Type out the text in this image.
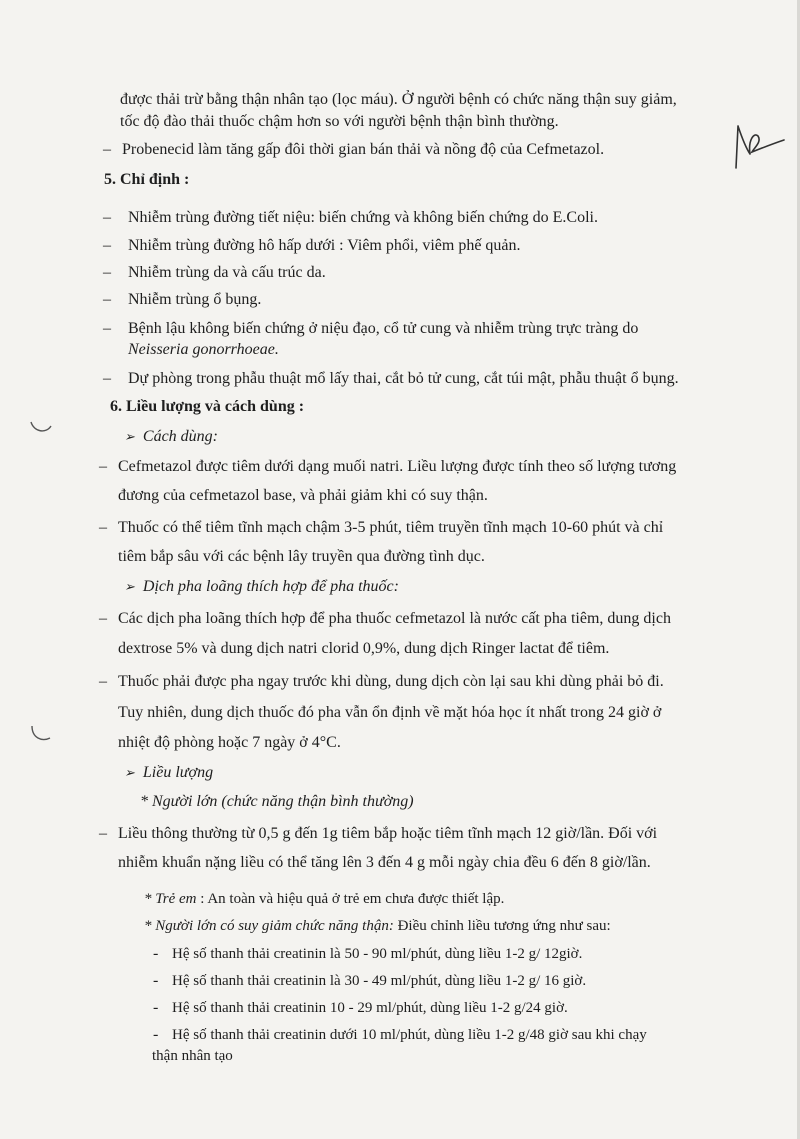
được thải trừ bằng thận nhân tạo (lọc máu). Ở người bệnh có chức năng thận suy giảm,
tốc độ đào thải thuốc chậm hơn so với người bệnh thận bình thường.
– Probenecid làm tăng gấp đôi thời gian bán thải và nồng độ của Cefmetazol.
5. Chỉ định :
– Nhiễm trùng đường tiết niệu: biến chứng và không biến chứng do E.Coli.
– Nhiễm trùng đường hô hấp dưới : Viêm phổi, viêm phế quản.
– Nhiễm trùng da và cấu trúc da.
– Nhiễm trùng ổ bụng.
– Bệnh lậu không biến chứng ở niệu đạo, cổ tử cung và nhiễm trùng trực tràng do
Neisseria gonorrhoeae.
– Dự phòng trong phẫu thuật mổ lấy thai, cắt bỏ tử cung, cắt túi mật, phẫu thuật ổ bụng.
6. Liều lượng và cách dùng :
➢ Cách dùng:
– Cefmetazol được tiêm dưới dạng muối natri. Liều lượng được tính theo số lượng tương
đương của cefmetazol base, và phải giảm khi có suy thận.
– Thuốc có thể tiêm tĩnh mạch chậm 3-5 phút, tiêm truyền tĩnh mạch 10-60 phút và chỉ
tiêm bắp sâu với các bệnh lây truyền qua đường tình dục.
➢ Dịch pha loãng thích hợp để pha thuốc:
– Các dịch pha loãng thích hợp để pha thuốc cefmetazol là nước cất pha tiêm, dung dịch
dextrose 5% và dung dịch natri clorid 0,9%, dung dịch Ringer lactat để tiêm.
– Thuốc phải được pha ngay trước khi dùng, dung dịch còn lại sau khi dùng phải bỏ đi.
Tuy nhiên, dung dịch thuốc đó pha vẫn ổn định về mặt hóa học ít nhất trong 24 giờ ở
nhiệt độ phòng hoặc 7 ngày ở 4°C.
➢ Liều lượng
* Người lớn (chức năng thận bình thường)
– Liều thông thường từ 0,5 g đến 1g tiêm bắp hoặc tiêm tĩnh mạch 12 giờ/lần. Đối với
nhiễm khuẩn nặng liều có thể tăng lên 3 đến 4 g mỗi ngày chia đều 6 đến 8 giờ/lần.
* Trẻ em : An toàn và hiệu quả ở trẻ em chưa được thiết lập.
* Người lớn có suy giảm chức năng thận: Điều chỉnh liều tương ứng như sau:
- Hệ số thanh thải creatinin là 50 - 90 ml/phút, dùng liều 1-2 g/ 12giờ.
- Hệ số thanh thải creatinin là 30 - 49 ml/phút, dùng liều 1-2 g/ 16 giờ.
- Hệ số thanh thải creatinin 10 - 29 ml/phút, dùng liều 1-2 g/24 giờ.
- Hệ số thanh thải creatinin dưới 10 ml/phút, dùng liều 1-2 g/48 giờ sau khi chạy
thận nhân tạo
